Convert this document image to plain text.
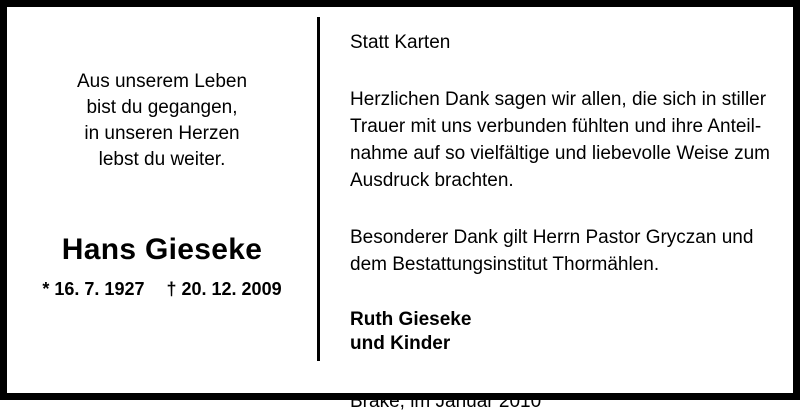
Aus unserem Leben
bist du gegangen,
in unseren Herzen
lebst du weiter.
Hans Gieseke
* 16. 7. 1927 † 20. 12. 2009
Statt Karten
Herzlichen Dank sagen wir allen, die sich in stiller
Trauer mit uns verbunden fühlten und ihre Anteil-
nahme auf so vielfältige und liebevolle Weise zum
Ausdruck brachten.
Besonderer Dank gilt Herrn Pastor Gryczan und
dem Bestattungsinstitut Thormählen.
Ruth Gieseke
und Kinder
Brake, im Januar 2010
